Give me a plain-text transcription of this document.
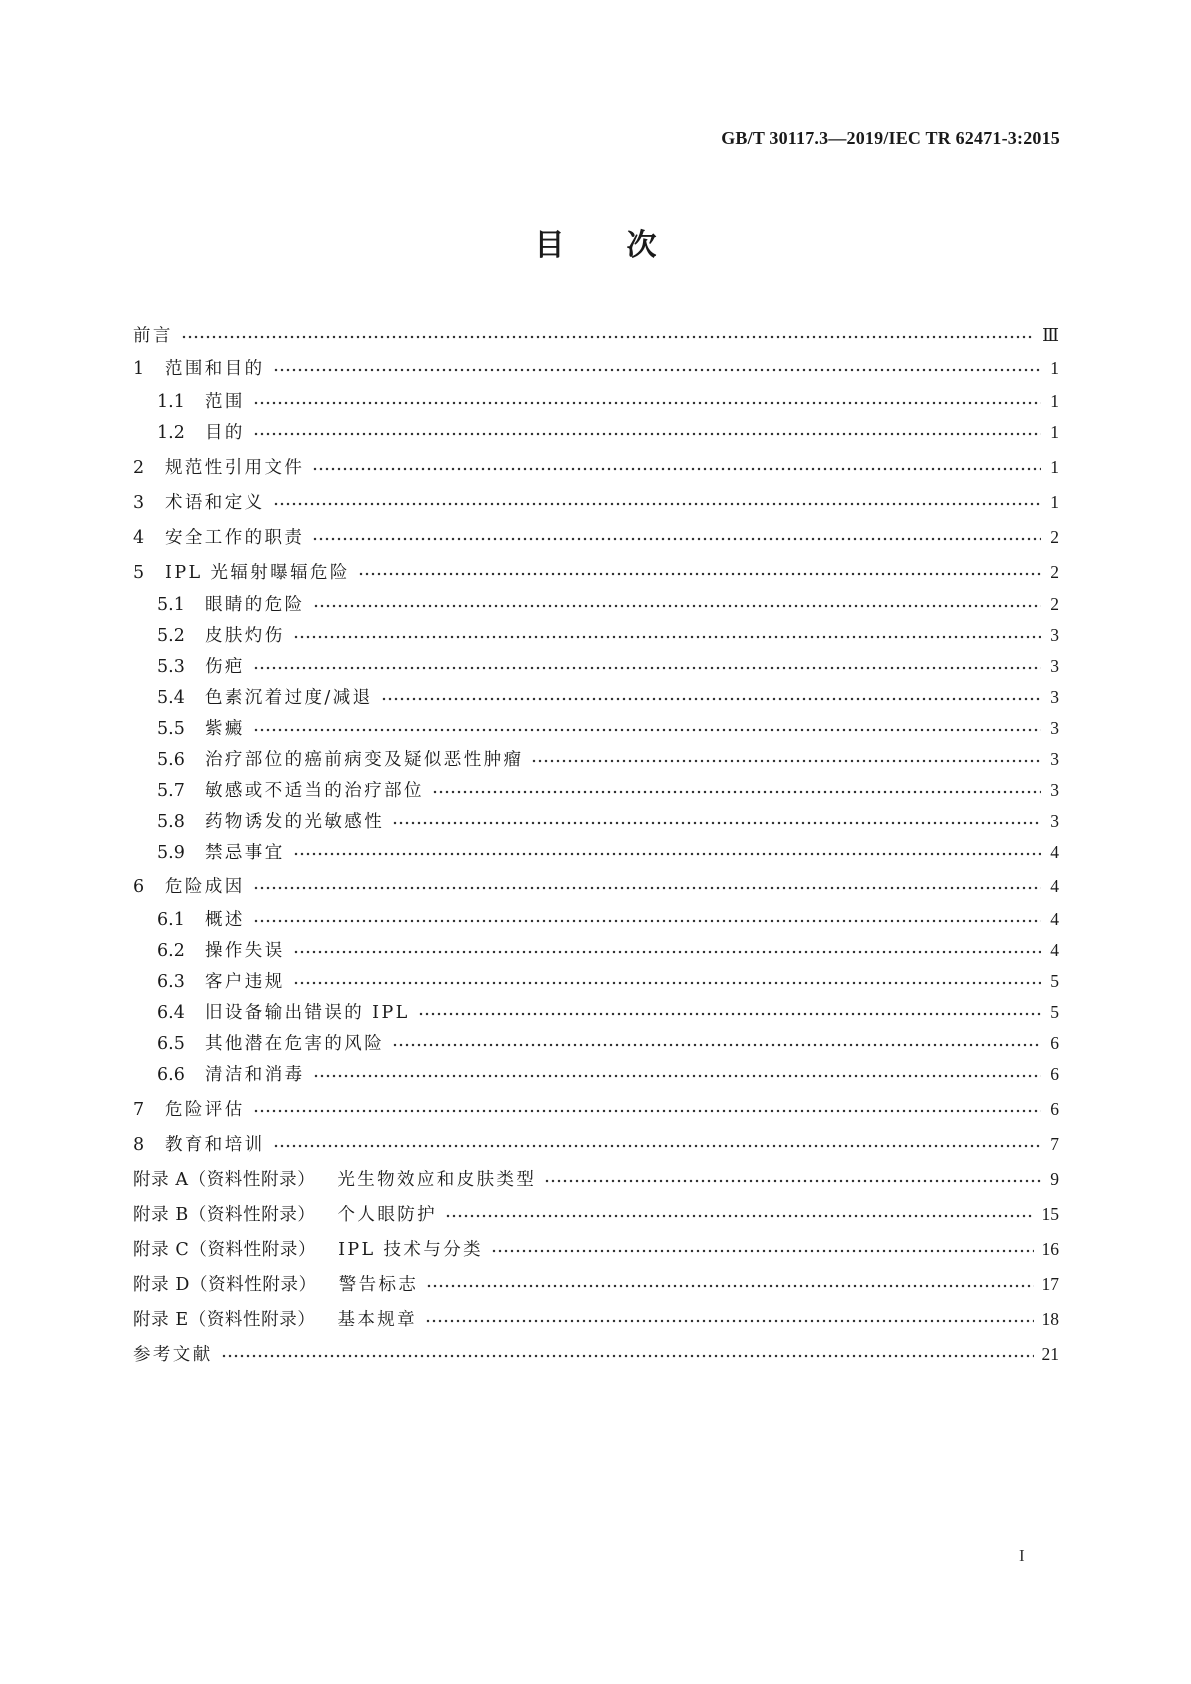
GB/T 30117.3—2019/IEC TR 62471-3:2015
目 次
前言	Ⅲ
1	范围和目的	1
1.1	范围	1
1.2	目的	1
2	规范性引用文件	1
3	术语和定义	1
4	安全工作的职责	2
5	IPL 光辐射曝辐危险	2
5.1	眼睛的危险	2
5.2	皮肤灼伤	3
5.3	伤疤	3
5.4	色素沉着过度/减退	3
5.5	紫癜	3
5.6	治疗部位的癌前病变及疑似恶性肿瘤	3
5.7	敏感或不适当的治疗部位	3
5.8	药物诱发的光敏感性	3
5.9	禁忌事宜	4
6	危险成因	4
6.1	概述	4
6.2	操作失误	4
6.3	客户违规	5
6.4	旧设备输出错误的 IPL	5
6.5	其他潜在危害的风险	6
6.6	清洁和消毒	6
7	危险评估	6
8	教育和培训	7
附录 A（资料性附录） 光生物效应和皮肤类型	9
附录 B（资料性附录） 个人眼防护	15
附录 C（资料性附录） IPL 技术与分类	16
附录 D（资料性附录） 警告标志	17
附录 E（资料性附录） 基本规章	18
参考文献	21
I
